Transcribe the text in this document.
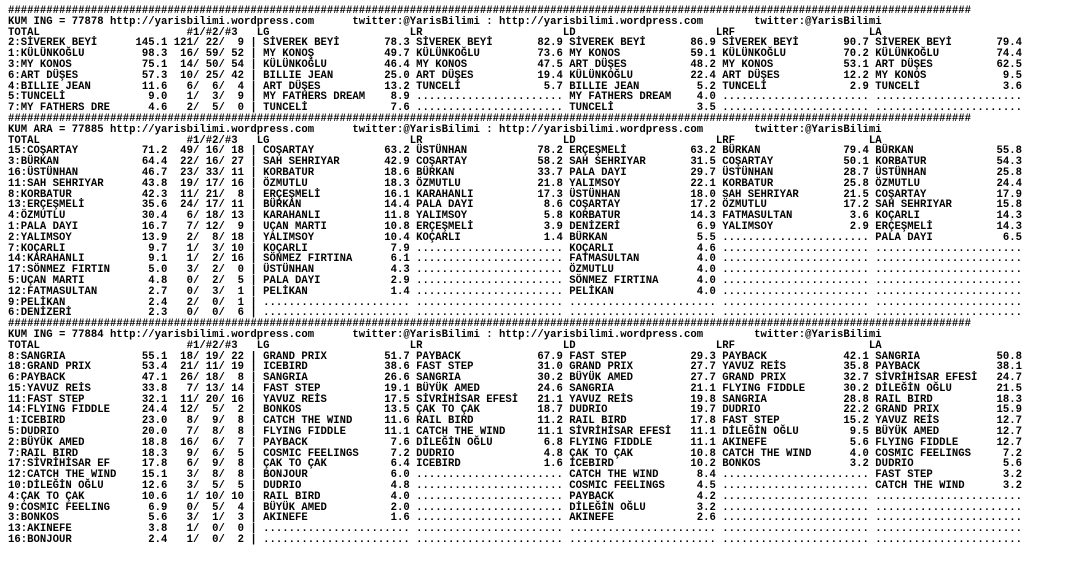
#######################################################################################################################################################
KUM ING = 77878 http://yarisbilimi.wordpress.com      twitter:@YarisBilimi : http://yarisbilimi.wordpress.com        twitter:@YarisBilimi
TOTAL                       #1/#2/#3   LG                      LR                      LD                      LRF                     LA
2:SİVEREK BEYİ      145.1 121/ 22/  9 | SİVEREK BEYİ       78.3 SİVEREK BEYİ       82.9 SİVEREK BEYİ       86.9 SİVEREK BEYİ       90.7 SİVEREK BEYİ       79.4
1:KÜLÜNKOĞLU         98.3  16/ 59/ 52 | MY KONOŞ           49.7 KÜLÜNKOĞLU         73.6 MY KONOS           59.1 KÜLÜNKOĞLU         70.2 KÜLÜNKOĞLU         74.4
3:MY KONOS           75.1  14/ 50/ 54 | KÜLÜNKOĞLU         46.4 MY KONOS           47.5 ART DÜŞES          48.2 MY KONOS           53.1 ART DÜŞES          62.5
6:ART DÜŞES          57.3  10/ 25/ 42 | BILLIE JEAN        25.0 ART DÜŞES          19.4 KÜLÜNKOĞLU         22.4 ART DÜŞES          12.2 MY KONOS            9.5
4:BILLIE JEAN        11.6   6/  6/  4 | ART DÜŞES          13.2 TUNCELİ             5.7 BILLIE JEAN         5.2 TUNCELİ             2.9 TUNCELİ             3.6
5:TUNCELİ             9.0   1/  3/  9 | MY FATHERS DREAM    8.9 ....................... MY FATHERS DREAM    4.0 ....................... .......................
7:MY FATHERS DRE      4.6   2/  5/  0 | TUNCELİ             7.6 ....................... TUNCELİ             3.5 ....................... .......................
#######################################################################################################################################################
KUM ARA = 77885 http://yarisbilimi.wordpress.com      twitter:@YarisBilimi : http://yarisbilimi.wordpress.com        twitter:@YarisBilimi
TOTAL                       #1/#2/#3   LG                      LR                      LD                      LRF                     LA
15:COŞARTAY          71.2  49/ 16/ 18 | COŞARTAY           63.2 ÜSTÜNHAN           78.2 ERÇEŞMELİ          63.2 BÜRKAN             79.4 BÜRKAN             55.8
3:BÜRKAN             64.4  22/ 16/ 27 | SAH SEHRIYAR       42.9 COŞARTAY           58.2 SAH SEHRIYAR       31.5 COŞARTAY           50.1 KORBATUR           54.3
16:ÜSTÜNHAN          46.7  23/ 33/ 11 | KORBATUR           18.6 BÜRKAN             33.7 PALA DAYI          29.7 ÜSTÜNHAN           28.7 ÜSTÜNHAN           25.8
11:SAH SEHRIYAR      43.8  19/ 17/ 16 | ÖZMUTLU            18.3 ÖZMUTLU            21.8 YALIMSOY           22.1 KORBATUR           25.8 ÖZMUTLU            24.4
8:KORBATUR           42.3  11/ 21/  8 | ERÇEŞMELİ          16.1 KARAHANLI          17.3 ÜSTÜNHAN           18.0 SAH SEHRIYAR       21.5 COŞARTAY           17.9
13:ERÇEŞMELİ         35.6  24/ 17/ 11 | BÜRKAN             14.4 PALA DAYI           8.6 COŞARTAY           17.2 ÖZMUTLU            17.2 SAH SEHRIYAR       15.8
4:ÖZMUTLU            30.4   6/ 18/ 13 | KARAHANLI          11.8 YALIMSOY            5.8 KORBATUR           14.3 FATMASULTAN         3.6 KOÇARLI            14.3
1:PALA DAYI          16.7   7/ 12/  9 | UÇAN MARTI         10.8 ERÇEŞMELİ           3.9 DENİZERİ            6.9 YALIMSOY            2.9 ERÇEŞMELİ          14.3
2:YALIMSOY           13.9   2/  8/ 18 | YALIMSOY           10.4 KOÇARLI             1.4 BÜRKAN              5.5 ....................... PALA DAYI           6.5
7:KOÇARLI             9.7   1/  3/ 10 | KOÇARLI             7.9 ....................... KOÇARLI             4.6 ....................... .......................
14:KARAHANLI          9.1   1/  2/ 16 | SÖNMEZ FIRTINA      6.1 ....................... FATMASULTAN         4.0 ....................... .......................
17:SÖNMEZ FIRTIN      5.0   3/  2/  0 | ÜSTÜNHAN            4.3 ....................... ÖZMUTLU             4.0 ....................... .......................
5:UÇAN MARTI          4.8   0/  2/  5 | PALA DAYI           2.9 ....................... SÖNMEZ FIRTINA      4.0 ....................... .......................
12:FATMASULTAN        2.7   0/  3/  1 | PELİKAN             1.4 ....................... PELİKAN             4.0 ....................... .......................
9:PELİKAN             2.4   2/  0/  1 | ....................... ....................... ....................... ....................... .......................
6:DENİZERİ            2.3   0/  0/  6 | ....................... ....................... ....................... ....................... .......................
#######################################################################################################################################################
KUM ING = 77884 http://yarisbilimi.wordpress.com      twitter:@YarisBilimi : http://yarisbilimi.wordpress.com        twitter:@YarisBilimi
TOTAL                       #1/#2/#3   LG                      LR                      LD                      LRF                     LA
8:SANGRIA            55.1  18/ 19/ 22 | GRAND PRIX         51.7 PAYBACK            67.9 FAST STEP          29.3 PAYBACK            42.1 SANGRIA            50.8
18:GRAND PRIX        53.4  21/ 11/ 19 | ICEBIRD            38.6 FAST STEP          31.0 GRAND PRIX         27.7 YAVUZ REİS         35.8 PAYBACK            38.1
6:PAYBACK            47.1  26/ 18/  8 | SANGRIA            26.6 SANGRIA            30.2 BÜYÜK AMED         27.7 GRAND PRIX         32.7 SİVRİHİSAR EFESİ   24.7
15:YAVUZ REİS        33.8   7/ 13/ 14 | FAST STEP          19.1 BÜYÜK AMED         24.6 SANGRIA            21.1 FLYING FIDDLE      30.2 DİLEĞİN OĞLU       21.5
11:FAST STEP         32.1  11/ 20/ 16 | YAVUZ REİS         17.5 SİVRİHİSAR EFESİ   21.1 YAVUZ REİS         19.8 SANGRIA            28.8 RAIL BIRD          18.3
14:FLYING FIDDLE     24.4  12/  5/  2 | BONKOS             13.5 ÇAK TO ÇAK         18.7 DUDRIO             19.7 DUDRIO             22.2 GRAND PRIX         15.9
1:ICEBIRD            23.0   8/  9/  8 | CATCH THE WIND     11.6 RAIL BIRD          11.2 RAIL BIRD          17.8 FAST STEP          15.2 YAVUZ REİS         12.7
5:DUDRIO             20.0   7/  8/  8 | FLYING FIDDLE      11.1 CATCH THE WIND     11.1 SİVRİHİSAR EFESİ   11.1 DİLEĞİN OĞLU        9.5 BÜYÜK AMED         12.7
2:BÜYÜK AMED         18.8  16/  6/  7 | PAYBACK             7.6 DİLEĞİN OĞLU        6.8 FLYING FIDDLE      11.1 AKINEFE             5.6 FLYING FIDDLE      12.7
7:RAIL BIRD          18.3   9/  6/  5 | COSMIC FEELINGS     7.2 DUDRIO              4.8 ÇAK TO ÇAK         10.8 CATCH THE WIND      4.0 COSMIC FEELINGS     7.2
17:SİVRİHİSAR EF     17.8   6/  9/  8 | ÇAK TO ÇAK          6.4 ICEBIRD             1.6 ICEBIRD            10.2 BONKOS              3.2 DUDRIO              5.6
12:CATCH THE WIND    15.1   3/  8/  8 | BONJOUR             6.0 ....................... CATCH THE WIND      8.4 ....................... FAST STEP           3.2
10:DİLEĞİN OĞLU      12.6   3/  5/  5 | DUDRIO              4.8 ....................... COSMIC FEELINGS     4.5 ....................... CATCH THE WIND      3.2
4:ÇAK TO ÇAK         10.6   1/ 10/ 10 | RAIL BIRD           4.0 ....................... PAYBACK             4.2 ....................... .......................
9:COSMIC FEELING      6.9   0/  5/  4 | BÜYÜK AMED          2.0 ....................... DİLEĞİN OĞLU        3.2 ....................... .......................
3:BONKOS              5.6   3/  1/  3 | AKINEFE             1.6 ....................... AKINEFE             2.6 ....................... .......................
13:AKINEFE            3.8   1/  0/  0 | ....................... ....................... ....................... ....................... .......................
16:BONJOUR            2.4   1/  0/  2 | ....................... ....................... ....................... ....................... .......................
